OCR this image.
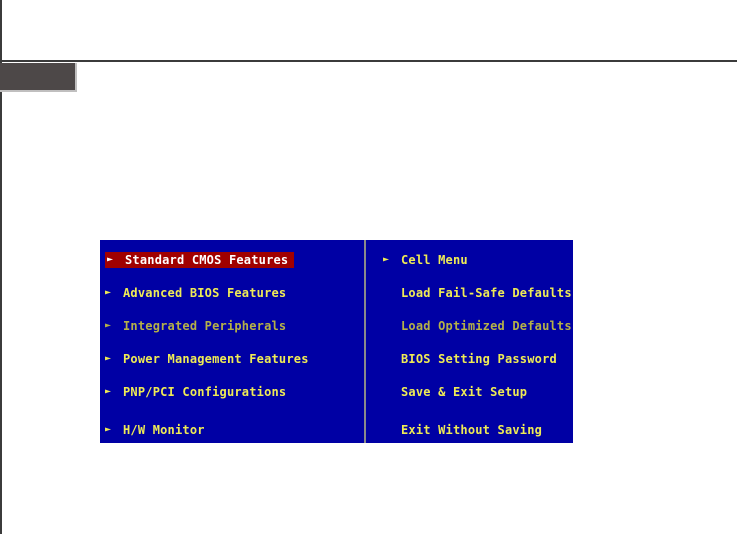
► Standard CMOS Features
► Advanced BIOS Features
► Integrated Peripherals
► Power Management Features
► PNP/PCI Configurations
► H/W Monitor
► Cell Menu
Load Fail-Safe Defaults
Load Optimized Defaults
BIOS Setting Password
Save & Exit Setup
Exit Without Saving
